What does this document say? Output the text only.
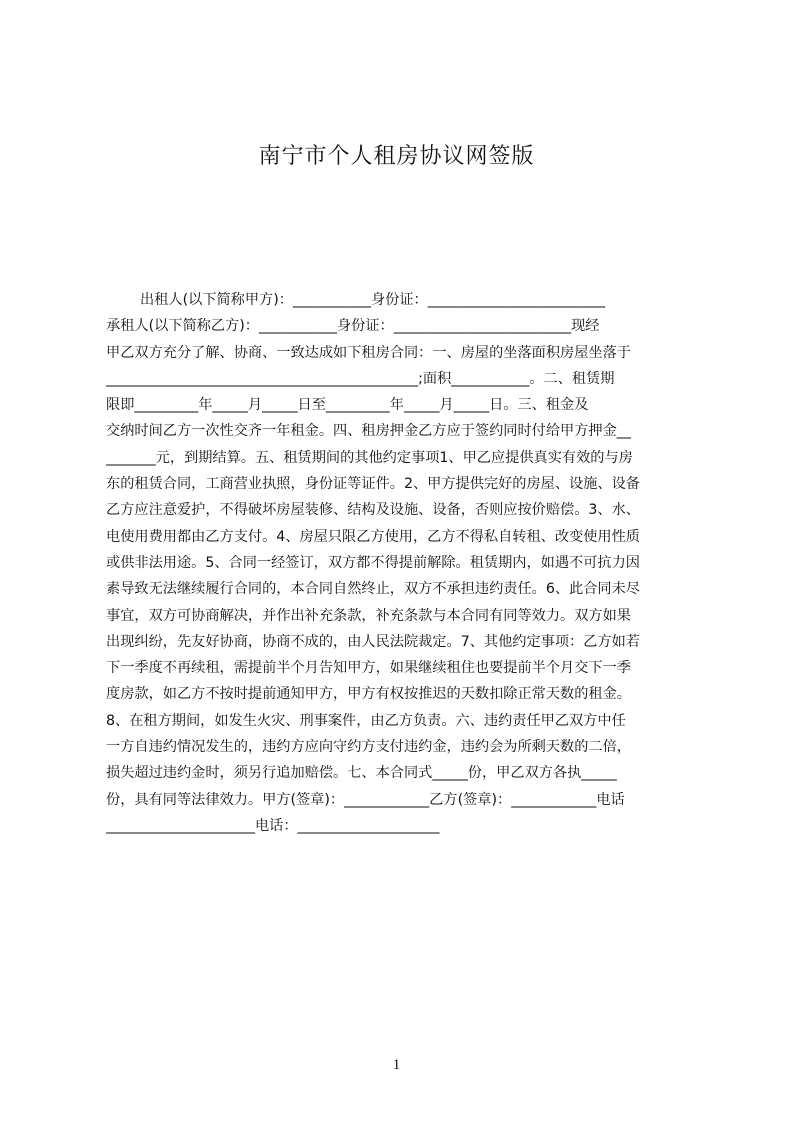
南宁市个人租房协议网签版
出租人(以下简称甲方)：___________身份证：_________________________
承租人(以下简称乙方)：___________身份证：_________________________现经
甲乙双方充分了解、协商、一致达成如下租房合同：一、房屋的坐落面积房屋坐落于
____________________________________________;面积___________。二、租赁期
限即_________年_____月_____日至_________年_____月_____日。三、租金及
交纳时间乙方一次性交齐一年租金。四、租房押金乙方应于签约同时付给甲方押金__
_______元，到期结算。五、租赁期间的其他约定事项1、甲乙应提供真实有效的与房
东的租赁合同，工商营业执照，身份证等证件。2、甲方提供完好的房屋、设施、设备
乙方应注意爱护，不得破坏房屋装修、结构及设施、设备，否则应按价赔偿。3、水、
电使用费用都由乙方支付。4、房屋只限乙方使用，乙方不得私自转租、改变使用性质
或供非法用途。5、合同一经签订，双方都不得提前解除。租赁期内，如遇不可抗力因
素导致无法继续履行合同的，本合同自然终止，双方不承担违约责任。6、此合同未尽
事宜，双方可协商解决，并作出补充条款，补充条款与本合同有同等效力。双方如果
出现纠纷，先友好协商，协商不成的，由人民法院裁定。7、其他约定事项：乙方如若
下一季度不再续租，需提前半个月告知甲方，如果继续租住也要提前半个月交下一季
度房款，如乙方不按时提前通知甲方，甲方有权按推迟的天数扣除正常天数的租金。
8、在租方期间，如发生火灾、刑事案件，由乙方负责。六、违约责任甲乙双方中任
一方自违约情况发生的，违约方应向守约方支付违约金，违约会为所剩天数的二倍，
损失超过违约金时，须另行追加赔偿。七、本合同式_____份，甲乙双方各执_____
份，具有同等法律效力。甲方(签章)：____________乙方(签章)：____________电话
_____________________电话：____________________
1
